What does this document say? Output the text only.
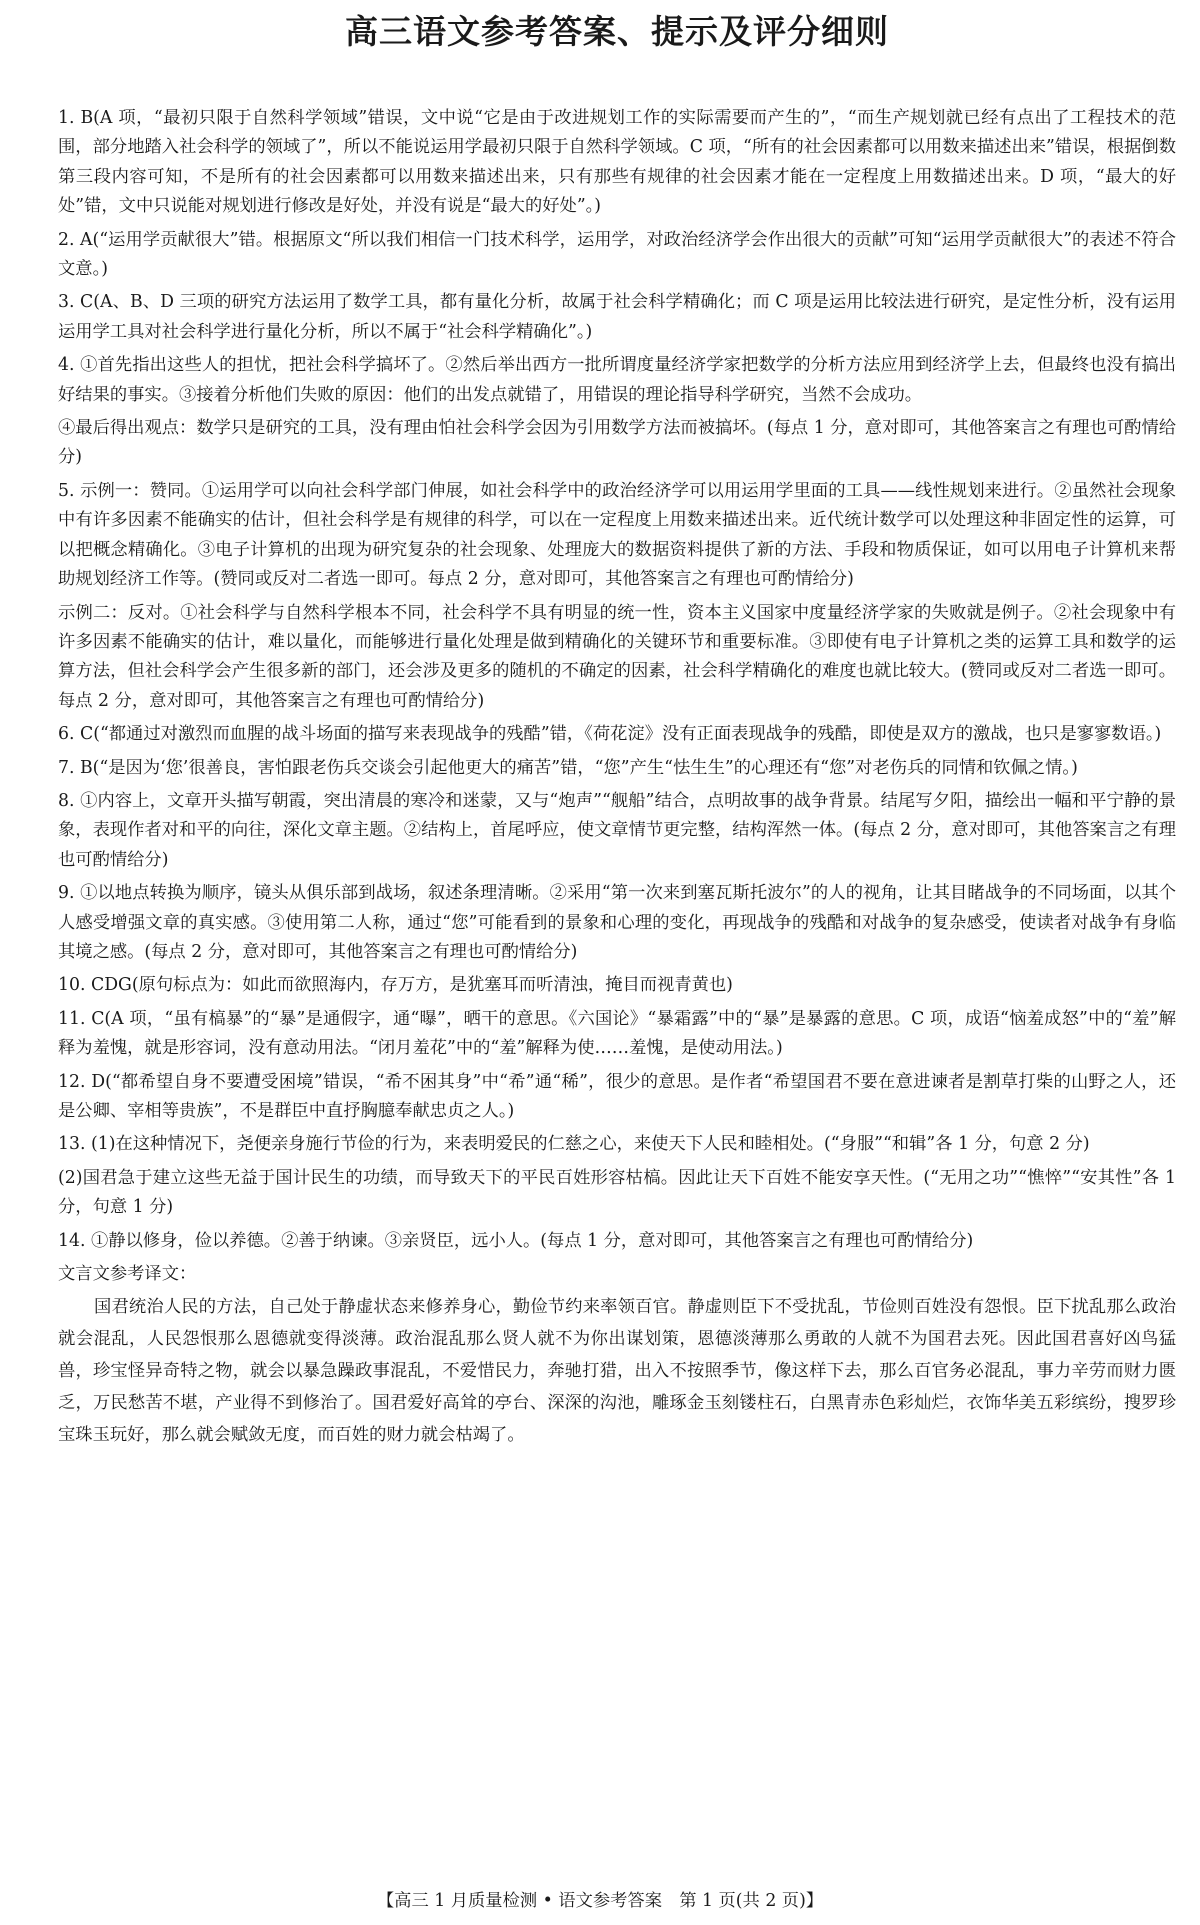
高三语文参考答案、提示及评分细则

1. B(A 项，“最初只限于自然科学领域”错误，文中说“它是由于改进规划工作的实际需要而产生的”，“而生产规划就已经有点出了工程技术的范围，部分地踏入社会科学的领域了”，所以不能说运用学最初只限于自然科学领域。C 项，“所有的社会因素都可以用数来描述出来”错误，根据倒数第三段内容可知，不是所有的社会因素都可以用数来描述出来，只有那些有规律的社会因素才能在一定程度上用数描述出来。D 项，“最大的好处”错，文中只说能对规划进行修改是好处，并没有说是“最大的好处”。)

2. A(“运用学贡献很大”错。根据原文“所以我们相信一门技术科学，运用学，对政治经济学会作出很大的贡献”可知“运用学贡献很大”的表述不符合文意。)

3. C(A、B、D 三项的研究方法运用了数学工具，都有量化分析，故属于社会科学精确化；而 C 项是运用比较法进行研究，是定性分析，没有运用运用学工具对社会科学进行量化分析，所以不属于“社会科学精确化”。)

4. ①首先指出这些人的担忧，把社会科学搞坏了。②然后举出西方一批所谓度量经济学家把数学的分析方法应用到经济学上去，但最终也没有搞出好结果的事实。③接着分析他们失败的原因：他们的出发点就错了，用错误的理论指导科学研究，当然不会成功。

④最后得出观点：数学只是研究的工具，没有理由怕社会科学会因为引用数学方法而被搞坏。(每点 1 分，意对即可，其他答案言之有理也可酌情给分)

5. 示例一：赞同。①运用学可以向社会科学部门伸展，如社会科学中的政治经济学可以用运用学里面的工具——线性规划来进行。②虽然社会现象中有许多因素不能确实的估计，但社会科学是有规律的科学，可以在一定程度上用数来描述出来。近代统计数学可以处理这种非固定性的运算，可以把概念精确化。③电子计算机的出现为研究复杂的社会现象、处理庞大的数据资料提供了新的方法、手段和物质保证，如可以用电子计算机来帮助规划经济工作等。(赞同或反对二者选一即可。每点 2 分，意对即可，其他答案言之有理也可酌情给分)

示例二：反对。①社会科学与自然科学根本不同，社会科学不具有明显的统一性，资本主义国家中度量经济学家的失败就是例子。②社会现象中有许多因素不能确实的估计，难以量化，而能够进行量化处理是做到精确化的关键环节和重要标准。③即使有电子计算机之类的运算工具和数学的运算方法，但社会科学会产生很多新的部门，还会涉及更多的随机的不确定的因素，社会科学精确化的难度也就比较大。(赞同或反对二者选一即可。每点 2 分，意对即可，其他答案言之有理也可酌情给分)

6. C(“都通过对激烈而血腥的战斗场面的描写来表现战争的残酷”错，《荷花淀》没有正面表现战争的残酷，即使是双方的激战，也只是寥寥数语。)

7. B(“是因为‘您’很善良，害怕跟老伤兵交谈会引起他更大的痛苦”错，“您”产生“怯生生”的心理还有“您”对老伤兵的同情和钦佩之情。)

8. ①内容上，文章开头描写朝霞，突出清晨的寒冷和迷蒙，又与“炮声”“舰船”结合，点明故事的战争背景。结尾写夕阳，描绘出一幅和平宁静的景象，表现作者对和平的向往，深化文章主题。②结构上，首尾呼应，使文章情节更完整，结构浑然一体。(每点 2 分，意对即可，其他答案言之有理也可酌情给分)

9. ①以地点转换为顺序，镜头从俱乐部到战场，叙述条理清晰。②采用“第一次来到塞瓦斯托波尔”的人的视角，让其目睹战争的不同场面，以其个人感受增强文章的真实感。③使用第二人称，通过“您”可能看到的景象和心理的变化，再现战争的残酷和对战争的复杂感受，使读者对战争有身临其境之感。(每点 2 分，意对即可，其他答案言之有理也可酌情给分)

10. CDG(原句标点为：如此而欲照海内，存万方，是犹塞耳而听清浊，掩目而视青黄也)

11. C(A 项，“虽有槁暴”的“暴”是通假字，通“曝”，晒干的意思。《六国论》“暴霜露”中的“暴”是暴露的意思。C 项，成语“恼羞成怒”中的“羞”解释为羞愧，就是形容词，没有意动用法。“闭月羞花”中的“羞”解释为使……羞愧，是使动用法。)

12. D(“都希望自身不要遭受困境”错误，“希不困其身”中“希”通“稀”，很少的意思。是作者“希望国君不要在意进谏者是割草打柴的山野之人，还是公卿、宰相等贵族”，不是群臣中直抒胸臆奉献忠贞之人。)

13. (1)在这种情况下，尧便亲身施行节俭的行为，来表明爱民的仁慈之心，来使天下人民和睦相处。(“身服”“和辑”各 1 分，句意 2 分)

(2)国君急于建立这些无益于国计民生的功绩，而导致天下的平民百姓形容枯槁。因此让天下百姓不能安享天性。(“无用之功”“憔悴”“安其性”各 1 分，句意 1 分)

14. ①静以修身，俭以养德。②善于纳谏。③亲贤臣，远小人。(每点 1 分，意对即可，其他答案言之有理也可酌情给分)

文言文参考译文：

国君统治人民的方法，自己处于静虚状态来修养身心，勤俭节约来率领百官。静虚则臣下不受扰乱，节俭则百姓没有怨恨。臣下扰乱那么政治就会混乱，人民怨恨那么恩德就变得淡薄。政治混乱那么贤人就不为你出谋划策，恩德淡薄那么勇敢的人就不为国君去死。因此国君喜好凶鸟猛兽，珍宝怪异奇特之物，就会以暴急躁政事混乱，不爱惜民力，奔驰打猎，出入不按照季节，像这样下去，那么百官务必混乱，事力辛劳而财力匮乏，万民愁苦不堪，产业得不到修治了。国君爱好高耸的亭台、深深的沟池，雕琢金玉刻镂柱石，白黑青赤色彩灿烂，衣饰华美五彩缤纷，搜罗珍宝珠玉玩好，那么就会赋敛无度，而百姓的财力就会枯竭了。

【高三 1 月质量检测 • 语文参考答案　第 1 页(共 2 页)】
